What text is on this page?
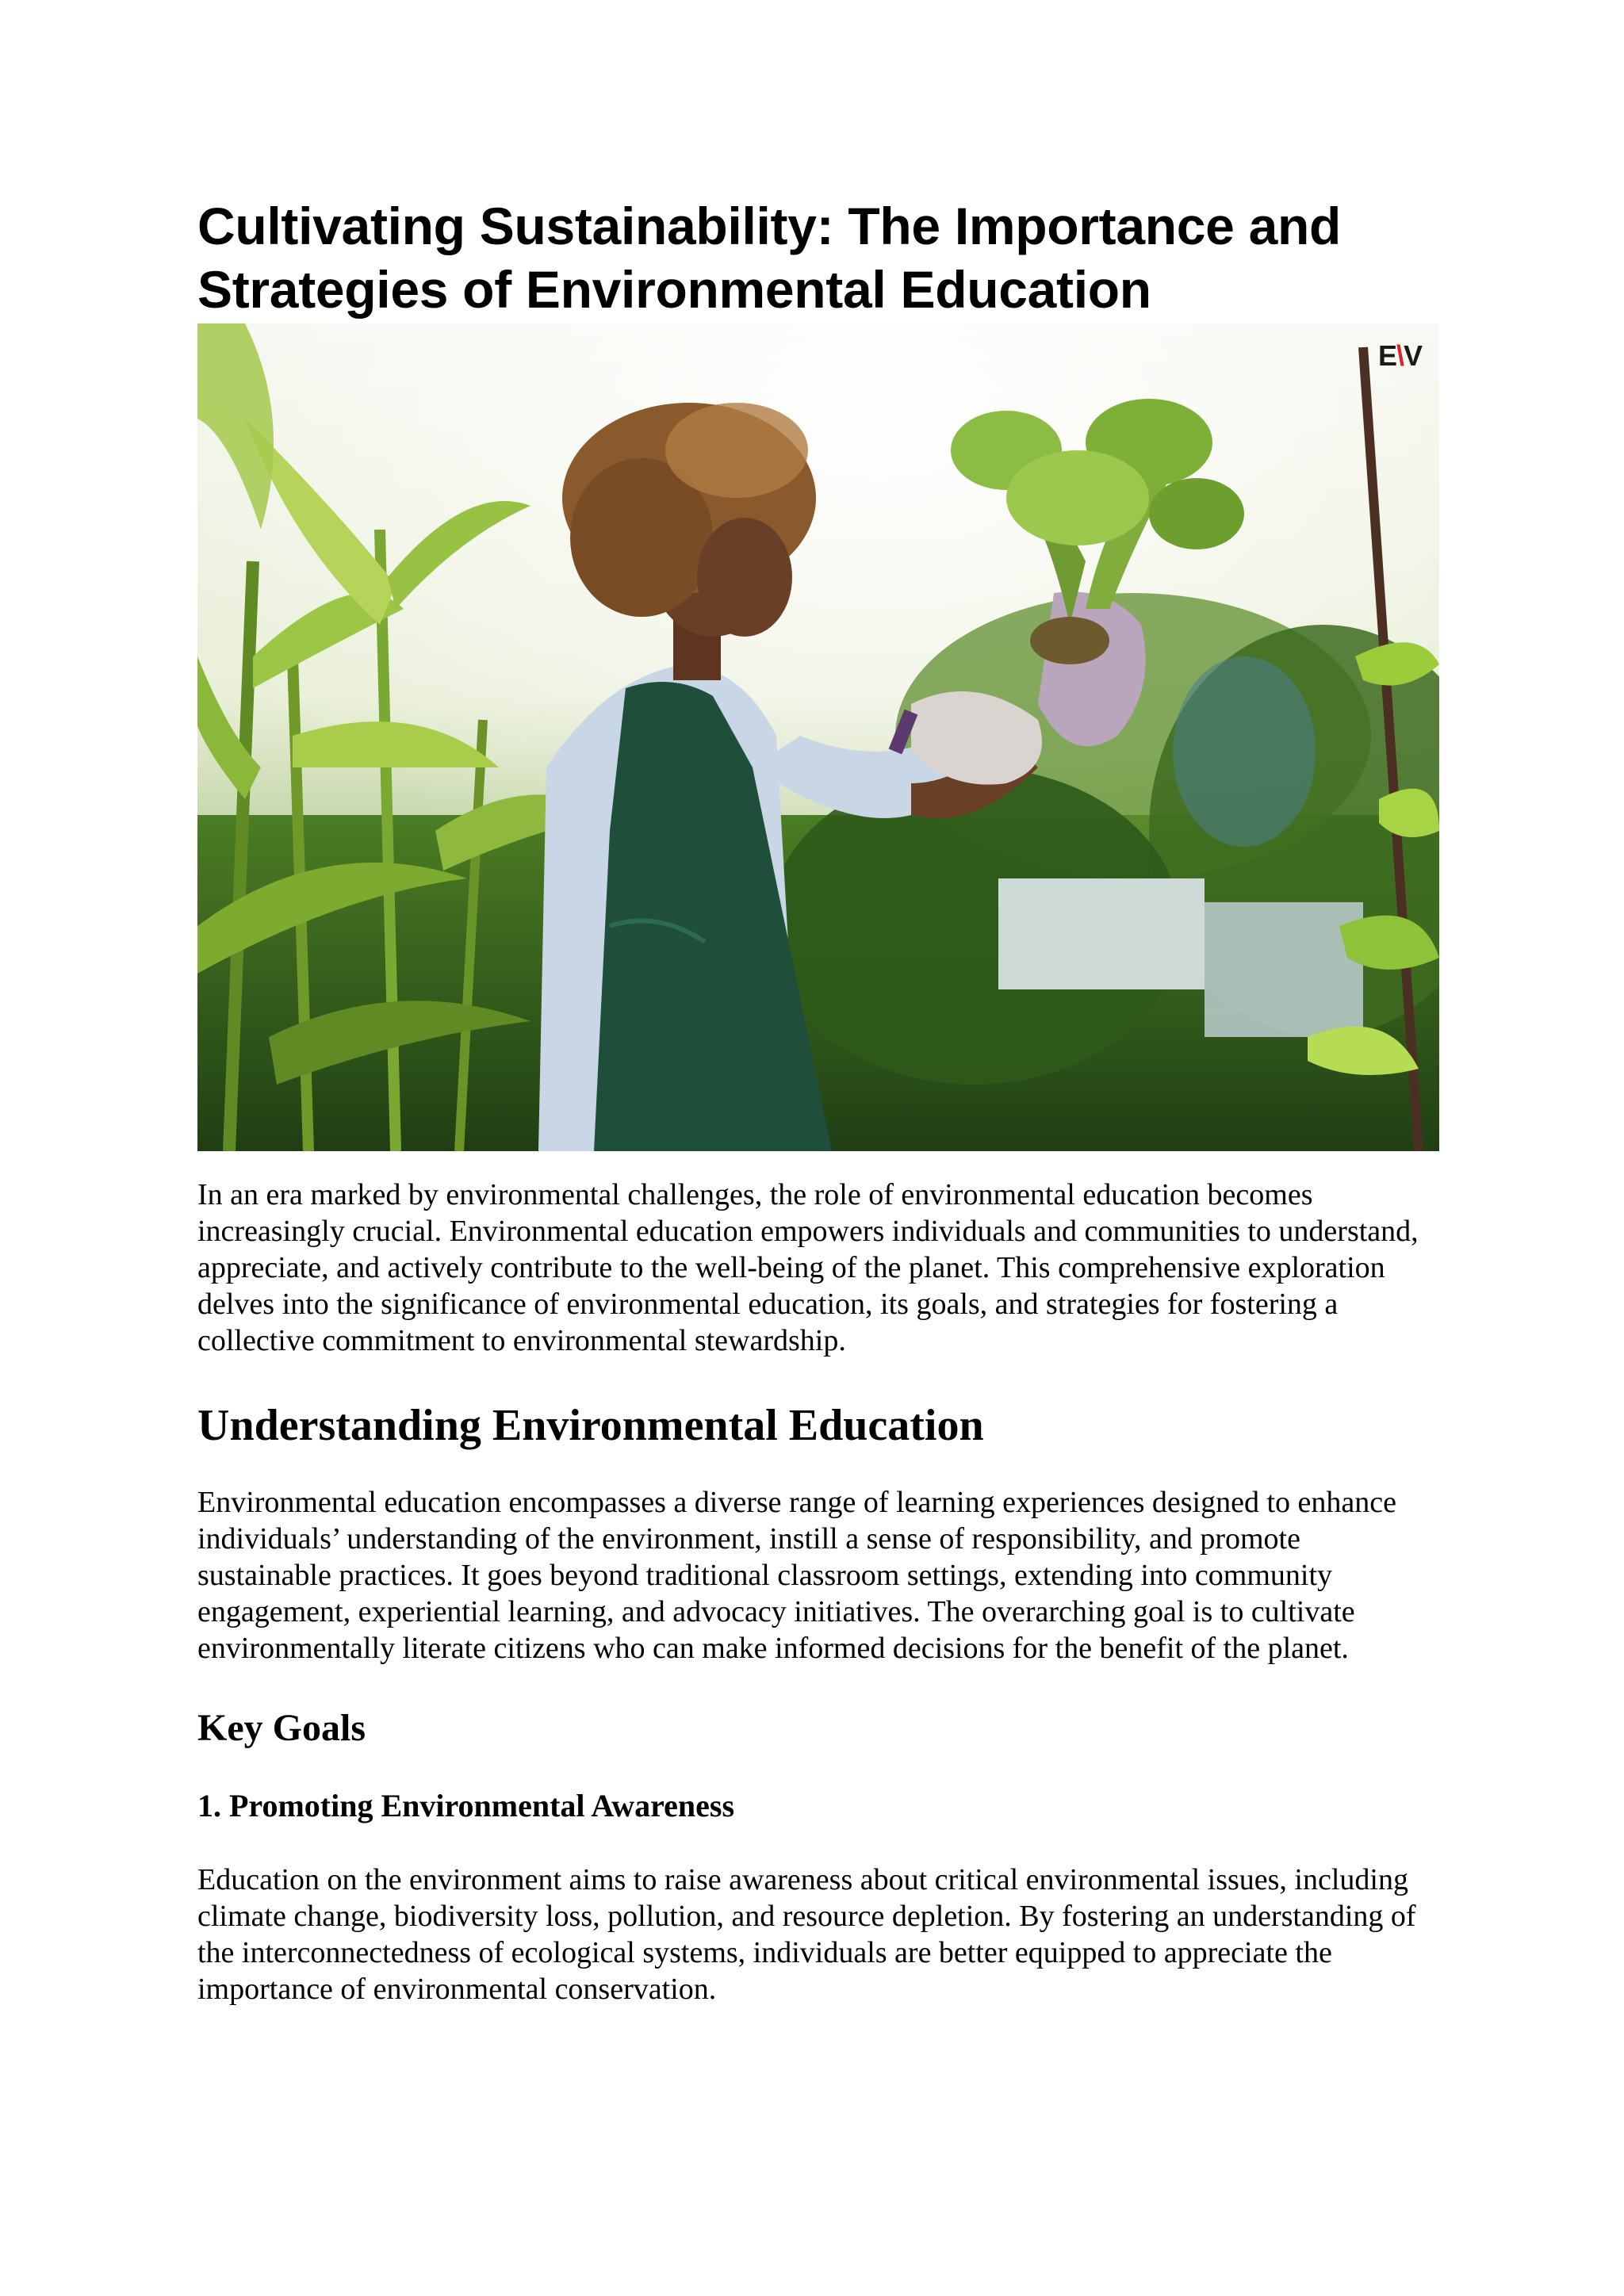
Cultivating Sustainability: The Importance and
Strategies of Environmental Education
E\V

In an era marked by environmental challenges, the role of environmental education becomes increasingly crucial. Environmental education empowers individuals and communities to understand, appreciate, and actively contribute to the well-being of the planet. This comprehensive exploration delves into the significance of environmental education, its goals, and strategies for fostering a collective commitment to environmental stewardship.

Understanding Environmental Education

Environmental education encompasses a diverse range of learning experiences designed to enhance individuals’ understanding of the environment, instill a sense of responsibility, and promote sustainable practices. It goes beyond traditional classroom settings, extending into community engagement, experiential learning, and advocacy initiatives. The overarching goal is to cultivate environmentally literate citizens who can make informed decisions for the benefit of the planet.

Key Goals
1. Promoting Environmental Awareness

Education on the environment aims to raise awareness about critical environmental issues, including climate change, biodiversity loss, pollution, and resource depletion. By fostering an understanding of the interconnectedness of ecological systems, individuals are better equipped to appreciate the importance of environmental conservation.
